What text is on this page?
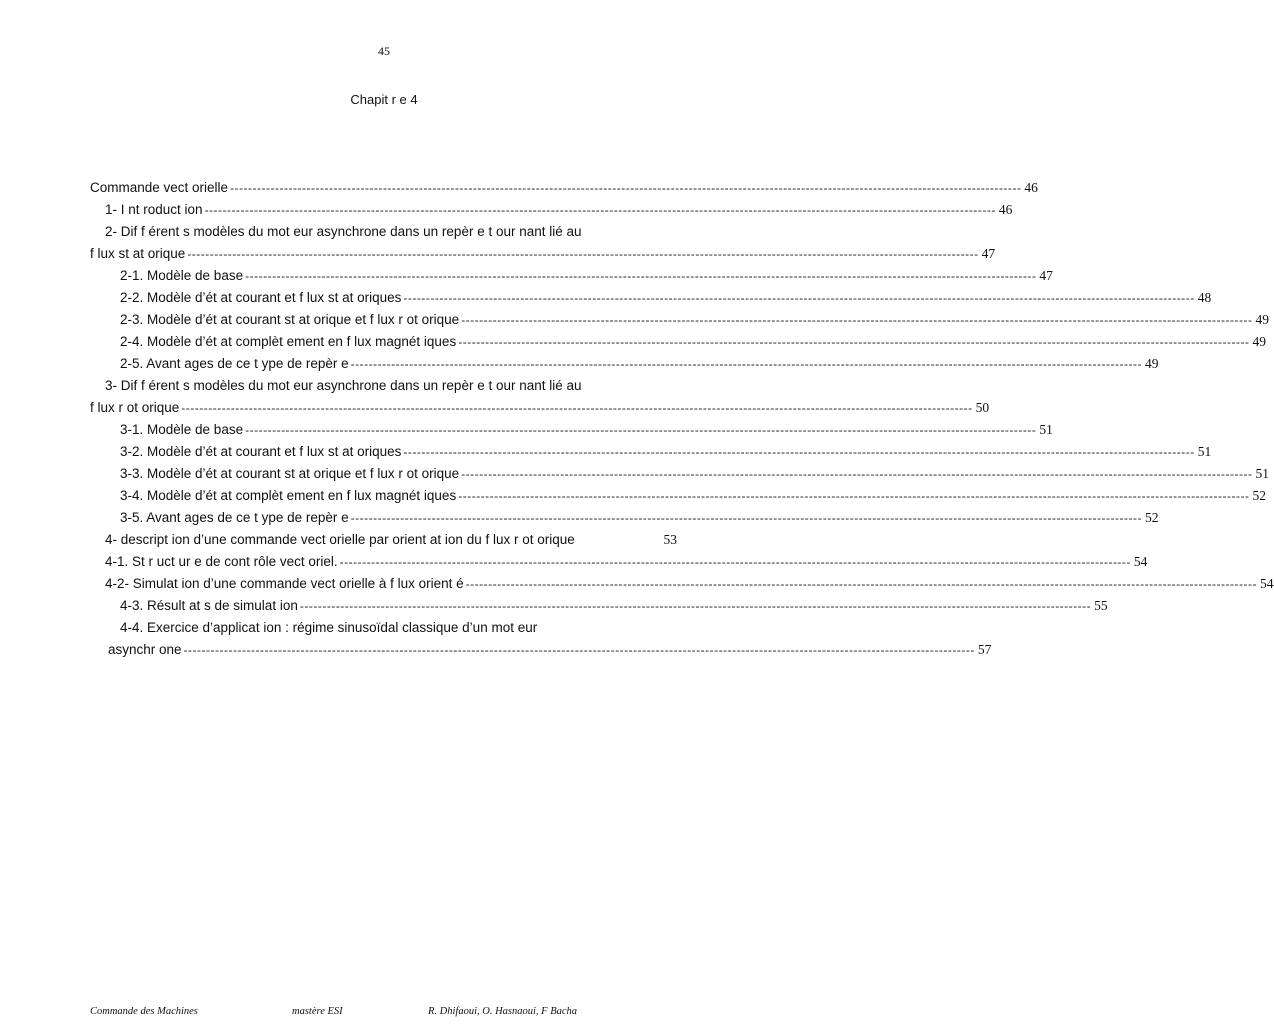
45
Chapit r e 4
Commande vect orielle -------------------------------------------------------------------------------------------------------------------------------------------------------------------------------- 46
1- I nt roduct ion -------------------------------------------------------------------------------------------------------------------------------------------------------------------------------- 46
2- Dif f érent s modèles du mot eur asynchrone dans un repèr e t our nant lié au
f lux st at orique -------------------------------------------------------------------------------------------------------------------------------------------------------------------------------- 47
2-1. Modèle de base -------------------------------------------------------------------------------------------------------------------------------------------------------------------------------- 47
2-2. Modèle d’ét at courant et f lux st at oriques -------------------------------------------------------------------------------------------------------------------------------------------------------------------------------- 48
2-3. Modèle d’ét at courant st at orique et f lux r ot orique -------------------------------------------------------------------------------------------------------------------------------------------------------------------------------- 49
2-4. Modèle d’ét at complèt ement en f lux magnét iques -------------------------------------------------------------------------------------------------------------------------------------------------------------------------------- 49
2-5. Avant ages de ce t ype de repèr e -------------------------------------------------------------------------------------------------------------------------------------------------------------------------------- 49
3- Dif f érent s modèles du mot eur asynchrone dans un repèr e t our nant lié au
f lux r ot orique -------------------------------------------------------------------------------------------------------------------------------------------------------------------------------- 50
3-1. Modèle de base -------------------------------------------------------------------------------------------------------------------------------------------------------------------------------- 51
3-2. Modèle d’ét at courant et f lux st at oriques -------------------------------------------------------------------------------------------------------------------------------------------------------------------------------- 51
3-3. Modèle d’ét at courant st at orique et f lux r ot orique -------------------------------------------------------------------------------------------------------------------------------------------------------------------------------- 51
3-4. Modèle d’ét at complèt ement en f lux magnét iques -------------------------------------------------------------------------------------------------------------------------------------------------------------------------------- 52
3-5. Avant ages de ce t ype de repèr e -------------------------------------------------------------------------------------------------------------------------------------------------------------------------------- 52
4- descript ion d’une commande vect orielle par orient at ion du f lux r ot orique	53
4-1. St r uct ur e de cont rôle vect oriel. -------------------------------------------------------------------------------------------------------------------------------------------------------------------------------- 54
4-2- Simulat ion d’une commande vect orielle à f lux orient é -------------------------------------------------------------------------------------------------------------------------------------------------------------------------------- 54
4-3. Résult at s de simulat ion -------------------------------------------------------------------------------------------------------------------------------------------------------------------------------- 55
4-4. Exercice d’applicat ion : régime sinusoïdal classique d’un mot eur
asynchr one -------------------------------------------------------------------------------------------------------------------------------------------------------------------------------- 57
Commande des Machines	mastère ESI	R. Dhifaoui, O. Hasnaoui, F Bacha
